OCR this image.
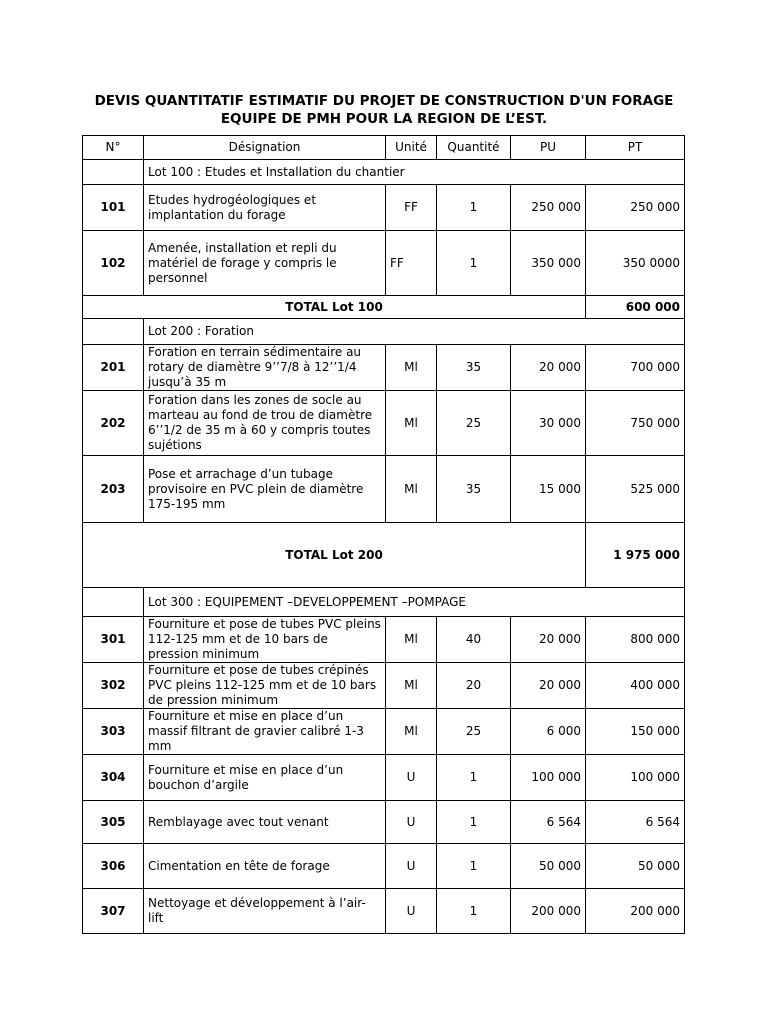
DEVIS QUANTITATIF ESTIMATIF DU PROJET DE CONSTRUCTION D'UN FORAGE
EQUIPE DE PMH POUR LA REGION DE L’EST.
N°	Désignation	Unité	Quantité	PU	PT
	Lot 100 : Etudes et Installation du chantier				
101	Etudes hydrogéologiques et implantation du forage	FF	1	250 000	250 000
102	Amenée, installation et repli du matériel de forage y compris le personnel	FF	1	350 000	350 0000
TOTAL Lot 100					600 000
	Lot 200 : Foration				
201	Foration en terrain sédimentaire au rotary de diamètre 9’’7/8 à 12’’1/4 jusqu’à 35 m	Ml	35	20 000	700 000
202	Foration dans les zones de socle au marteau au fond de trou de diamètre 6’’1/2 de 35 m à 60 y compris toutes sujétions	Ml	25	30 000	750 000
203	Pose et arrachage d’un tubage provisoire en PVC plein de diamètre 175-195 mm	Ml	35	15 000	525 000
TOTAL Lot 200					1 975 000
	Lot 300 : EQUIPEMENT –DEVELOPPEMENT –POMPAGE				
301	Fourniture et pose de tubes PVC pleins 112-125 mm et de 10 bars de pression minimum	Ml	40	20 000	800 000
302	Fourniture et pose de tubes crépinés PVC pleins 112-125 mm et de 10 bars de pression minimum	Ml	20	20 000	400 000
303	Fourniture et mise en place d’un massif filtrant de gravier calibré 1-3 mm	Ml	25	6 000	150 000
304	Fourniture et mise en place d’un bouchon d’argile	U	1	100 000	100 000
305	Remblayage avec tout venant	U	1	6 564	6 564
306	Cimentation en tête de forage	U	1	50 000	50 000
307	Nettoyage et développement à l’air-lift	U	1	200 000	200 000
